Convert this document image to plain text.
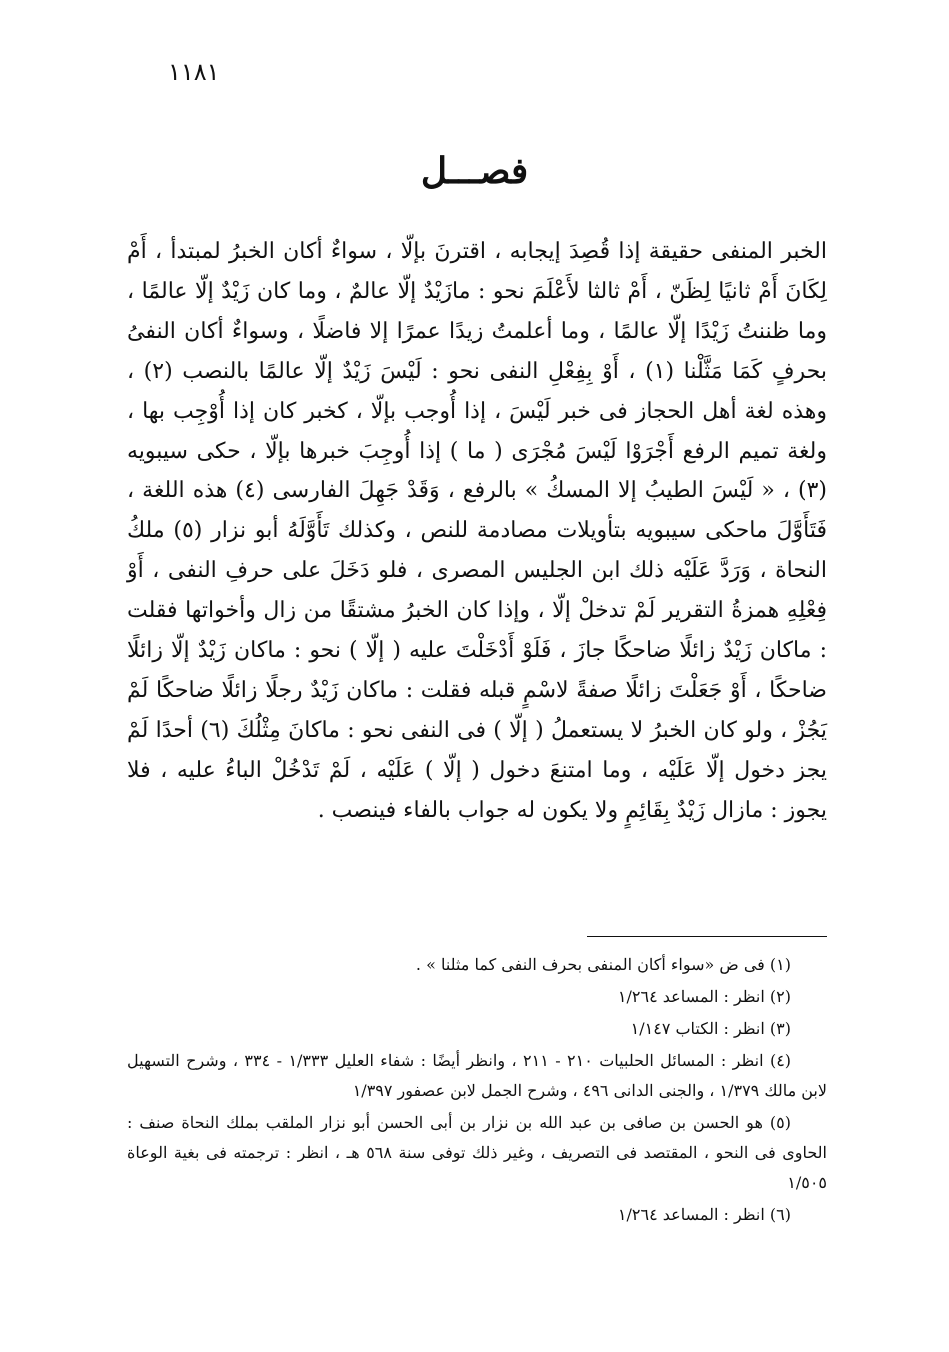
١١٨١
فصـــل

الخبر المنفى حقيقة إذا قُصِدَ إيجابه ، اقترنَ بإلّا ، سواءٌ أكان الخبرُ لمبتدأ ، أَمْ لِكَانَ أَمْ ثانيًا لِظَنّ ، أَمْ ثالثا لأَعْلَمَ نحو : مازَيْدٌ إلّا عالمٌ ، وما كان زَيْدٌ إلّا عالمًا ، وما ظننتُ زَيْدًا إلّا عالمًا ، وما أعلمتُ زيدًا عمرًا إلا فاضلًا ، وسواءٌ أكان النفىُ بحرفٍ كَمَا مَثَّلْنا (١) ، أَوْ بِفِعْلِ النفى نحو : لَيْسَ زَيْدٌ إلّا عالمًا بالنصب (٢) ، وهذه لغة أهل الحجاز فى خبر لَيْسَ ، إذا أُوجب بإلّا ، كخبر كان إذا أُوْجِب بها ، ولغة تميم الرفع أَجْرَوْا لَيْسَ مُجْرَى ( ما ) إذا أُوجِبَ خبرها بإلّا ، حكى سيبويه (٣) ، « لَيْسَ الطيبُ إلا المسكُ » بالرفع ، وَقَدْ جَهِلَ الفارسى (٤) هذه اللغة ، فَتَأَوَّلَ ماحكى سيبويه بتأويلات مصادمة للنص ، وكذلك تَأَوَّلَهُ أبو نزار (٥) ملكُ النحاة ، وَرَدَّ عَلَيْه ذلك ابن الجليس المصرى ، فلو دَخَلَ على حرفِ النفى ، أَوْ فِعْلِهِ همزةُ التقرير لَمْ تدخلْ إلّا ، وإذا كان الخبرُ مشتقًا من زال وأخواتها فقلت : ماكان زَيْدٌ زائلًا ضاحكًا جازَ ، فَلَوْ أَدْخَلْتَ عليه ( إلّا ) نحو : ماكان زَيْدٌ إلّا زائلًا ضاحكًا ، أَوْ جَعَلْتَ زائلًا صفةً لاسْمٍ قبله فقلت : ماكان زَيْدٌ رجلًا زائلًا ضاحكًا لَمْ يَجُزْ ، ولو كان الخبرُ لا يستعملُ ( إلّا ) فى النفى نحو : ماكانَ مِثْلُكَ (٦) أحدًا لَمْ يجز دخول إلّا عَلَيْه ، وما امتنعَ دخول ( إلّا ) عَلَيْه ، لَمْ تَدْخُلْ الباءُ عليه ، فلا يجوز : مازال زَيْدٌ بِقَائِمٍ ولا يكون له جواب بالفاء فينصب .

(١) فى ض «سواء أكان المنفى بحرف النفى كما مثلنا » .

(٢) انظر : المساعد ١/٢٦٤

(٣) انظر : الكتاب ١/١٤٧

(٤) انظر : المسائل الحلبيات ٢١٠ - ٢١١ ، وانظر أيضًا : شفاء العليل ١/٣٣٣ - ٣٣٤ ، وشرح التسهيل لابن مالك ١/٣٧٩ ، والجنى الدانى ٤٩٦ ، وشرح الجمل لابن عصفور ١/٣٩٧

(٥) هو الحسن بن صافى بن عبد الله بن نزار بن أبى الحسن أبو نزار الملقب بملك النحاة صنف : الحاوى فى النحو ، المقتصد فى التصريف ، وغير ذلك توفى سنة ٥٦٨ هـ ، انظر : ترجمته فى بغية الوعاة ١/٥٠٥

(٦) انظر : المساعد ١/٢٦٤
